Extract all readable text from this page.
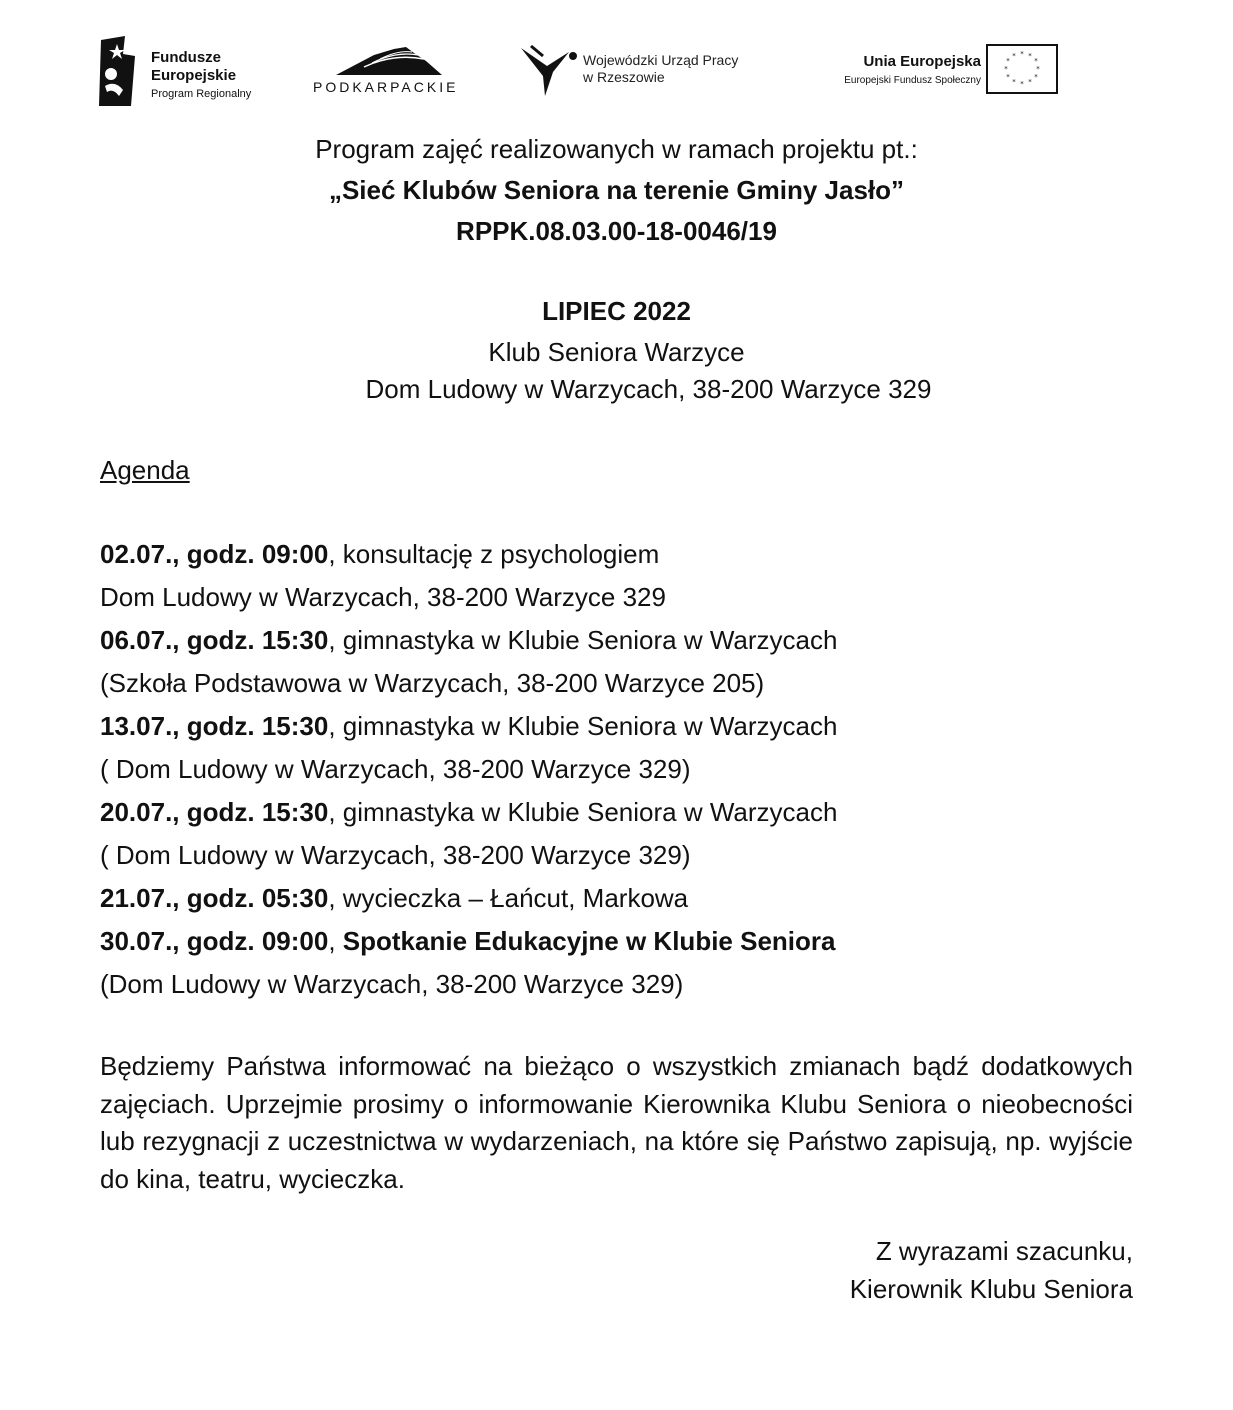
Fundusze
Europejskie
Program Regionalny	PODKARPACKIE
Wojewódzki Urząd Pracy
w Rzeszowie
Unia Europejska
Europejski Fundusz Społeczny
* *
*
*
*
*
*
*
*
*
*
*
Program zajęć realizowanych w ramach projektu pt.:
„Sieć Klubów Seniora na terenie Gminy Jasło”
RPPK.08.03.00-18-0046/19
LIPIEC 2022
Klub Seniora Warzyce
Dom Ludowy w Warzycach, 38-200 Warzyce 329
Agenda
02.07., godz. 09:00, konsultację z psychologiem
Dom Ludowy w Warzycach, 38-200 Warzyce 329
06.07., godz. 15:30, gimnastyka w Klubie Seniora w Warzycach
(Szkoła Podstawowa w Warzycach, 38-200 Warzyce 205)
13.07., godz. 15:30, gimnastyka w Klubie Seniora w Warzycach
( Dom Ludowy w Warzycach, 38-200 Warzyce 329)
20.07., godz. 15:30, gimnastyka w Klubie Seniora w Warzycach
( Dom Ludowy w Warzycach, 38-200 Warzyce 329)
21.07., godz. 05:30, wycieczka – Łańcut, Markowa
30.07., godz. 09:00, Spotkanie Edukacyjne w Klubie Seniora
(Dom Ludowy w Warzycach, 38-200 Warzyce 329)

Będziemy Państwa informować na bieżąco o wszystkich zmianach bądź dodatkowych zajęciach. Uprzejmie prosimy o informowanie Kierownika Klubu Seniora o nieobecności lub rezygnacji z uczestnictwa w wydarzeniach, na które się Państwo zapisują, np. wyjście do kina, teatru, wycieczka.

Z wyrazami szacunku,
Kierownik Klubu Seniora
